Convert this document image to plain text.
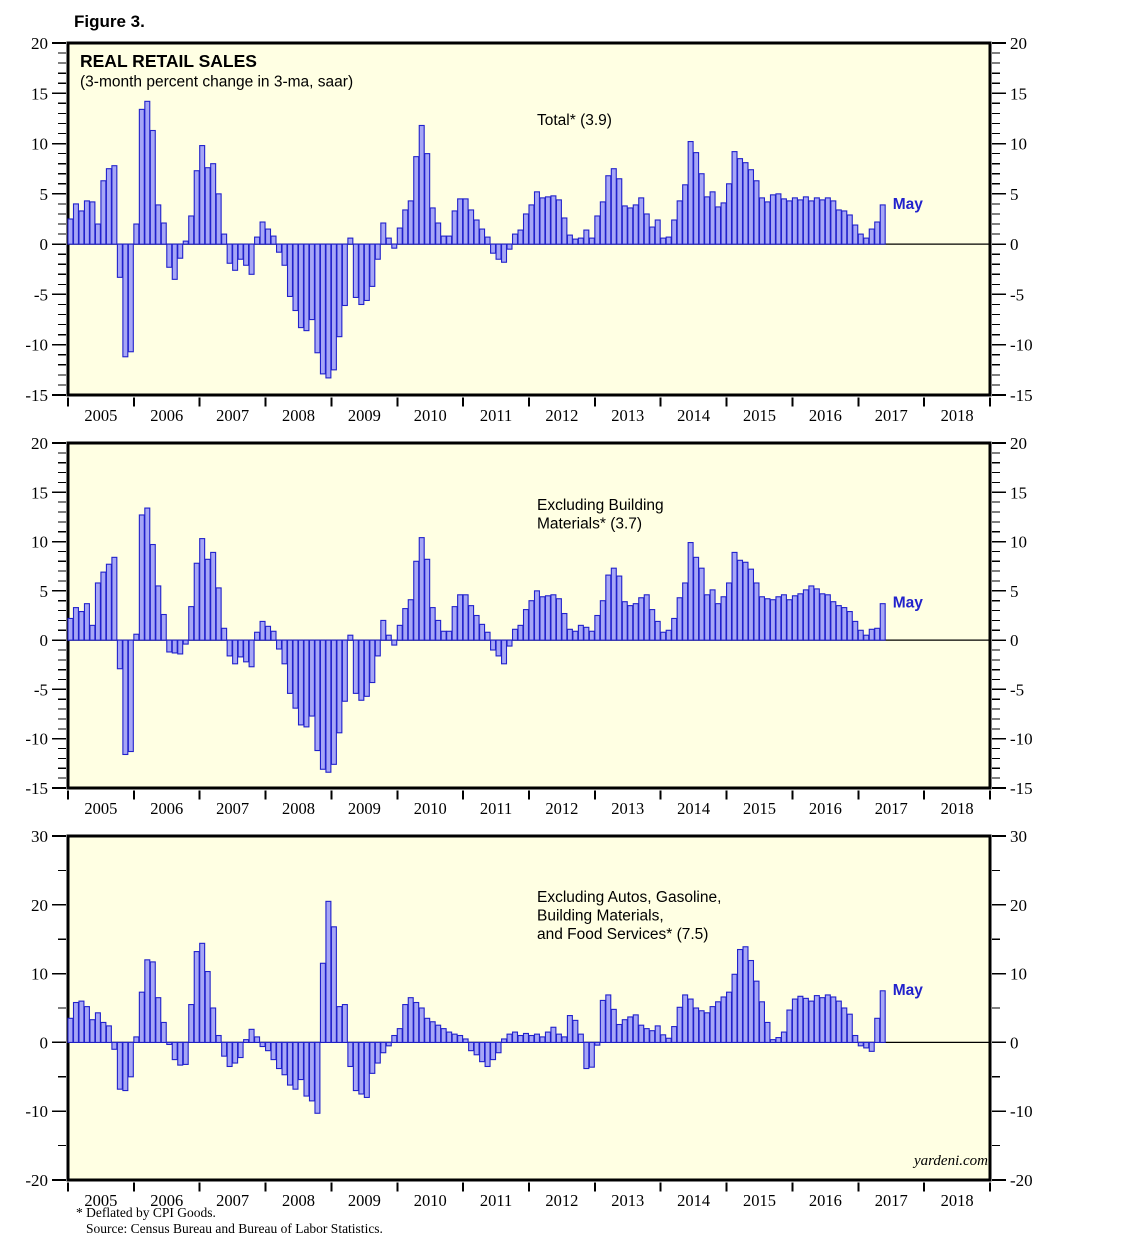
Figure 3.
-15	-15
-10	-10
-5	-5
0	0
5	5
10	10
15	15
20	20
2005 2006 2007 2008 2009 2010 2011 2012 2013 2014 2015 2016 2017 2018
REAL RETAIL SALES
(3-month percent change in 3-ma, saar)
Total* (3.9)
May
-15	-15
-10	-10
-5	-5
0	0
5	5
10	10
15	15
20	20
2005 2006 2007 2008 2009 2010 2011 2012 2013 2014 2015 2016 2017 2018
Excluding Building
Materials* (3.7)
May
-20	-20
-10	-10
0	0
10	10
20	20
30	30
2005 2006 2007 2008 2009 2010 2011 2012 2013 2014 2015 2016 2017 2018
Excluding Autos, Gasoline,
Building Materials,
and Food Services* (7.5)
May
yardeni.com
* Deflated by CPI Goods.
Source: Census Bureau and Bureau of Labor Statistics.
